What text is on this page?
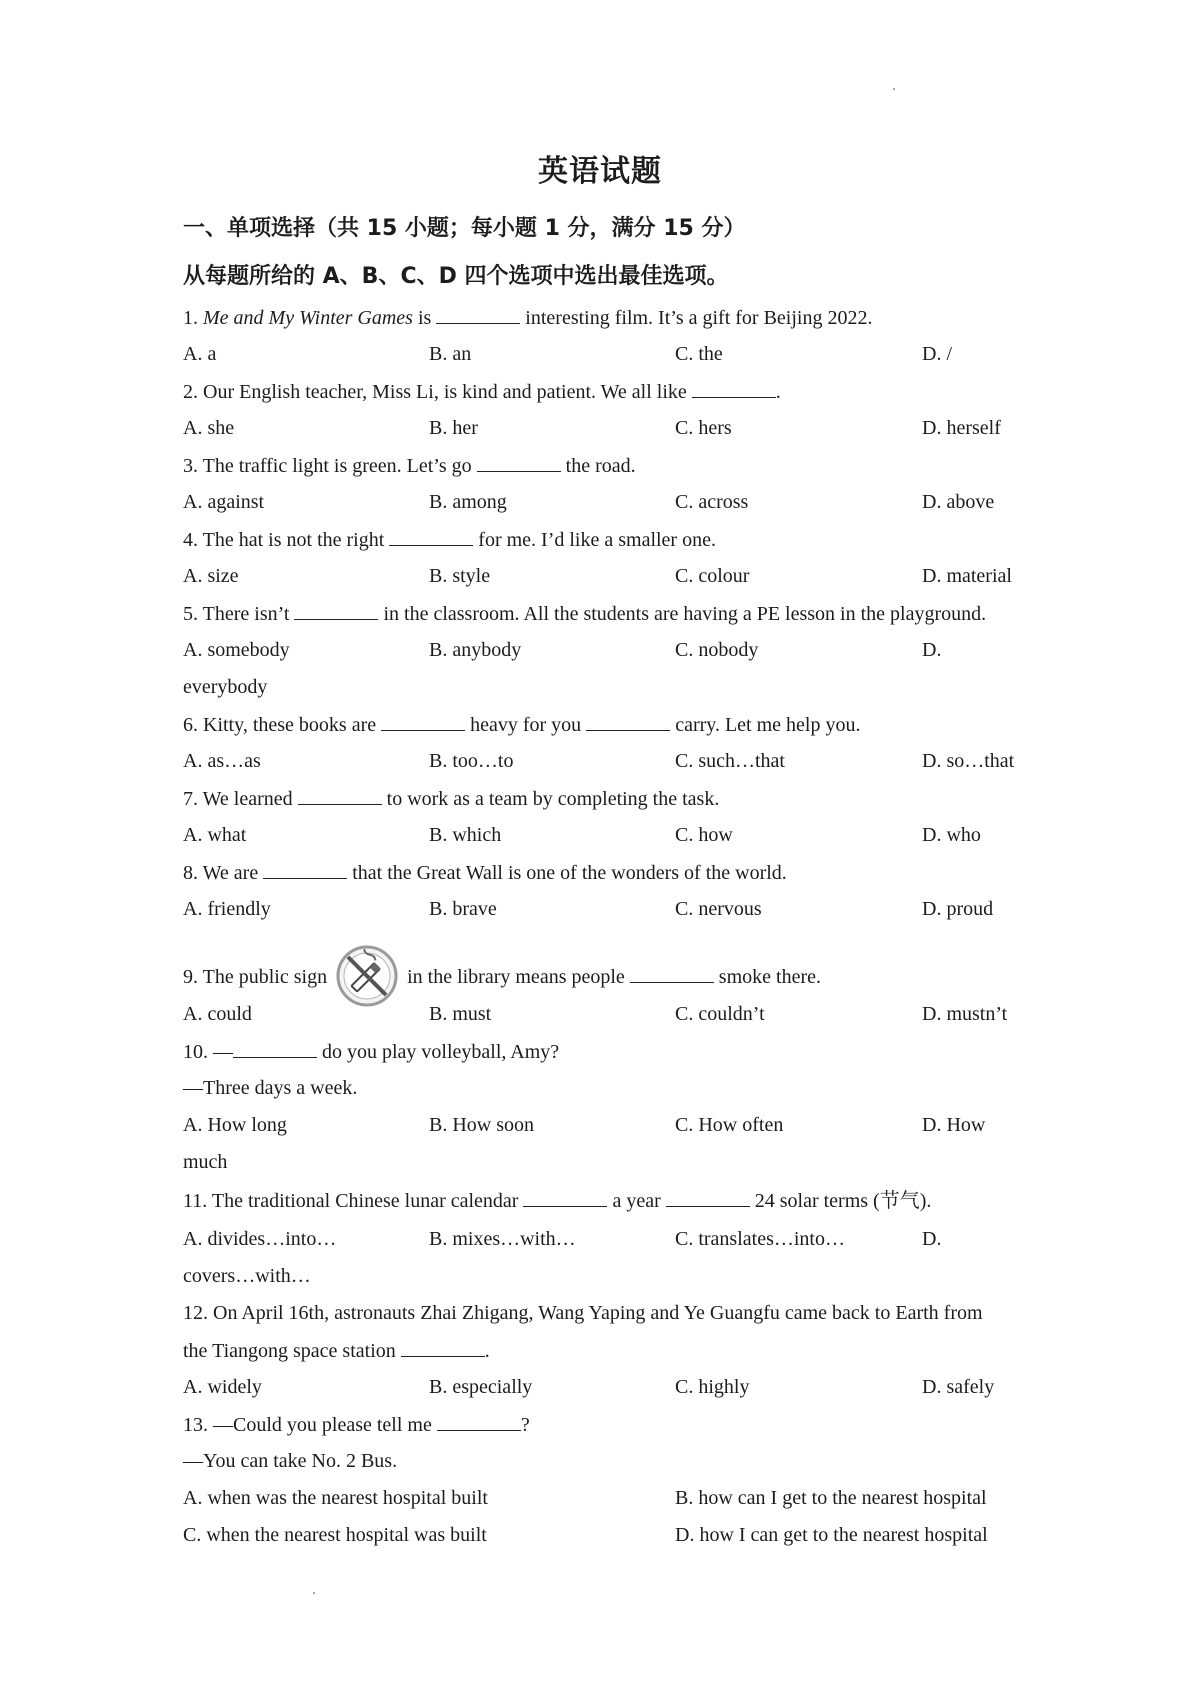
英语试题
一、单项选择（共 15 小题；每小题 1 分，满分 15 分）
从每题所给的 A、B、C、D 四个选项中选出最佳选项。
1. Me and My Winter Games is	interesting film. It’s a gift for Beijing 2022.
A. a	B. an	C. the	D. /
2. Our English teacher, Miss Li, is kind and patient. We all like	.
A. she	B. her	C. hers	D. herself
3. The traffic light is green. Let’s go	the road.
A. against	B. among	C. across	D. above
4. The hat is not the right	for me. I’d like a smaller one.
A. size	B. style	C. colour	D. material
5. There isn’t	in the classroom. All the students are having a PE lesson in the playground.
A. somebody	B. anybody	C. nobody	D.
everybody
6. Kitty, these books are	heavy for you	carry. Let me help you.
A. as…as	B. too…to	C. such…that	D. so…that
7. We learned	to work as a team by completing the task.
A. what	B. which	C. how	D. who
8. We are	that the Great Wall is one of the wonders of the world.
A. friendly	B. brave	C. nervous	D. proud
9. The public sign	in the library means people	smoke there.
A. could	B. must	C. couldn’t	D. mustn’t
10. —	do you play volleyball, Amy?
—Three days a week.
A. How long	B. How soon	C. How often	D. How
much
11. The traditional Chinese lunar calendar	a year	24 solar terms (节气).
A. divides…into…	B. mixes…with…	C. translates…into…	D.
covers…with…
12. On April 16th, astronauts Zhai Zhigang, Wang Yaping and Ye Guangfu came back to Earth from
the Tiangong space station	.
A. widely	B. especially	C. highly	D. safely
13. —Could you please tell me	?
—You can take No. 2 Bus.
A. when was the nearest hospital built	B. how can I get to the nearest hospital
C. when the nearest hospital was built	D. how I can get to the nearest hospital
